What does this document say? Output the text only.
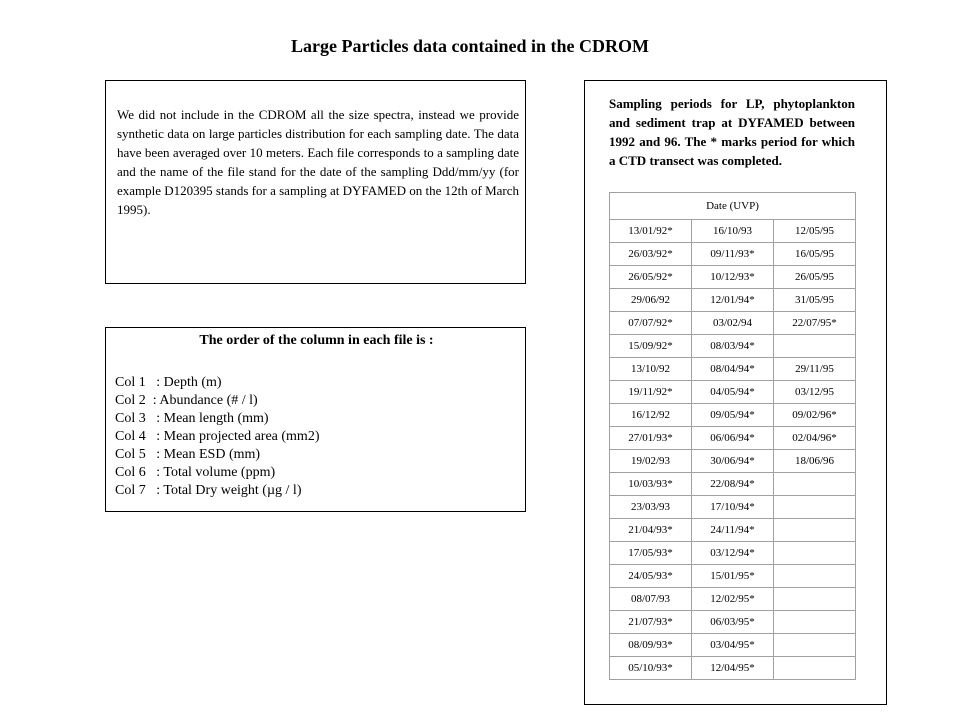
Large Particles data contained in the CDROM
We did not include in the CDROM all the size spectra, instead we provide synthetic data on large particles distribution for each sampling date. The data have been averaged over 10 meters. Each file corresponds to a sampling date and the name of the file stand for the date of the sampling Ddd/mm/yy (for example D120395 stands for a sampling at DYFAMED on the 12th of March 1995).
The order of the column in each file is :
Col 1   : Depth (m)
Col 2  : Abundance (# / l)
Col 3   : Mean length (mm)
Col 4   : Mean projected area (mm2)
Col 5   : Mean ESD (mm)
Col 6   : Total volume (ppm)
Col 7   : Total Dry weight (µg / l)
Sampling periods for LP, phytoplankton and sediment trap at DYFAMED between 1992 and 96. The * marks period for which a CTD transect was completed.
Date (UVP)		
13/01/92*	16/10/93	12/05/95
26/03/92*	09/11/93*	16/05/95
26/05/92*	10/12/93*	26/05/95
29/06/92	12/01/94*	31/05/95
07/07/92*	03/02/94	22/07/95*
15/09/92*	08/03/94*	
13/10/92	08/04/94*	29/11/95
19/11/92*	04/05/94*	03/12/95
16/12/92	09/05/94*	09/02/96*
27/01/93*	06/06/94*	02/04/96*
19/02/93	30/06/94*	18/06/96
10/03/93*	22/08/94*	
23/03/93	17/10/94*	
21/04/93*	24/11/94*	
17/05/93*	03/12/94*	
24/05/93*	15/01/95*	
08/07/93	12/02/95*	
21/07/93*	06/03/95*	
08/09/93*	03/04/95*	
05/10/93*	12/04/95*	
